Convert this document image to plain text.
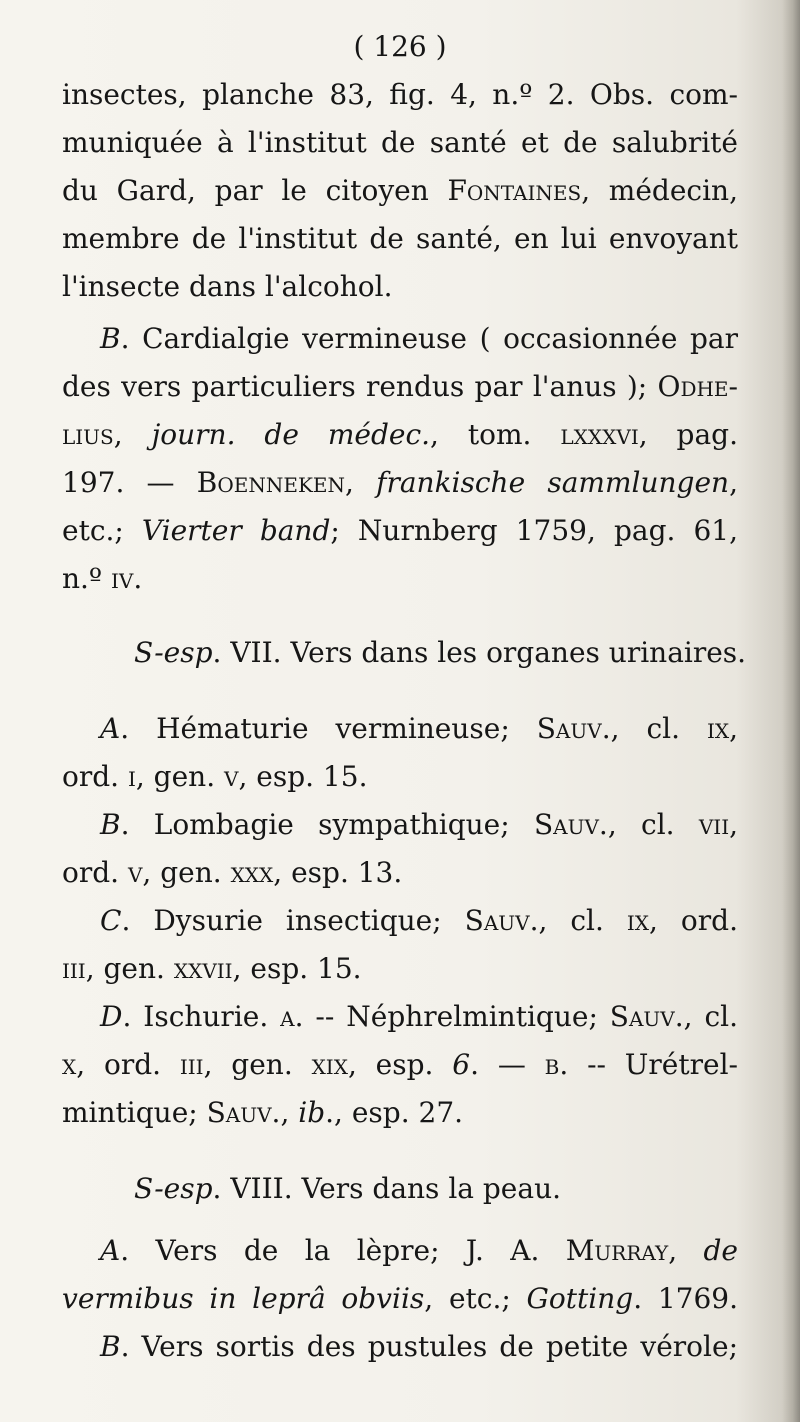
( 126 )
insectes, planche 83, fig. 4, n.º 2. Obs. com-
muniquée à l'institut de santé et de salubrité
du Gard, par le citoyen Fontaines, médecin,
membre de l'institut de santé, en lui envoyant
l'insecte dans l'alcohol.
B. Cardialgie vermineuse ( occasionnée par
des vers particuliers rendus par l'anus ); Odhe-
lius, journ. de médec., tom. lxxxvi, pag.
197. — Boenneken, frankische sammlungen,
etc.; Vierter band; Nurnberg 1759, pag. 61,
n.º iv.
S-esp. VII. Vers dans les organes urinaires.
A. Hématurie vermineuse; Sauv., cl. ix,
ord. i, gen. v, esp. 15.
B. Lombagie sympathique; Sauv., cl. vii,
ord. v, gen. xxx, esp. 13.
C. Dysurie insectique; Sauv., cl. ix, ord.
iii, gen. xxvii, esp. 15.
D. Ischurie. a. -- Néphrelmintique; Sauv., cl.
x, ord. iii, gen. xix, esp. 6. — b. -- Urétrel-
mintique; Sauv., ib., esp. 27.
S-esp. VIII. Vers dans la peau.
A. Vers de la lèpre; J. A. Murray, de
vermibus in leprâ obviis, etc.; Gotting. 1769.
B. Vers sortis des pustules de petite vérole;
